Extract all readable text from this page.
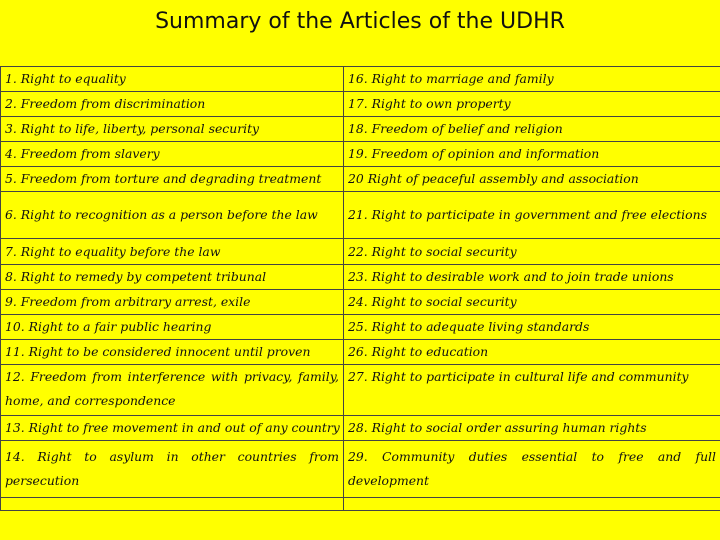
Summary of the Articles of the UDHR
1. Right to equality	16. Right to marriage and family
2. Freedom from discrimination	17. Right to own property
3. Right to life, liberty, personal security	18. Freedom of belief and religion
4. Freedom from slavery	19. Freedom of opinion and information
5. Freedom from torture and degrading treatment	20 Right of peaceful assembly and association
6. Right to recognition as a person before the law	21. Right to participate in government and free elections
7. Right to equality before the law	22. Right to social security
8. Right to remedy by competent tribunal	23. Right to desirable work and to join trade unions
9. Freedom from arbitrary arrest, exile	24. Right to social security
10. Right to a fair public hearing	25. Right to adequate living standards
11. Right to be considered innocent until proven	26. Right to education
12. Freedom from interference with privacy, family, home, and correspondence	27. Right to participate in cultural life and community
13. Right to free movement in and out of any country	28. Right to social order assuring human rights
14. Right to asylum in other countries from persecution	29. Community duties essential to free and full development
